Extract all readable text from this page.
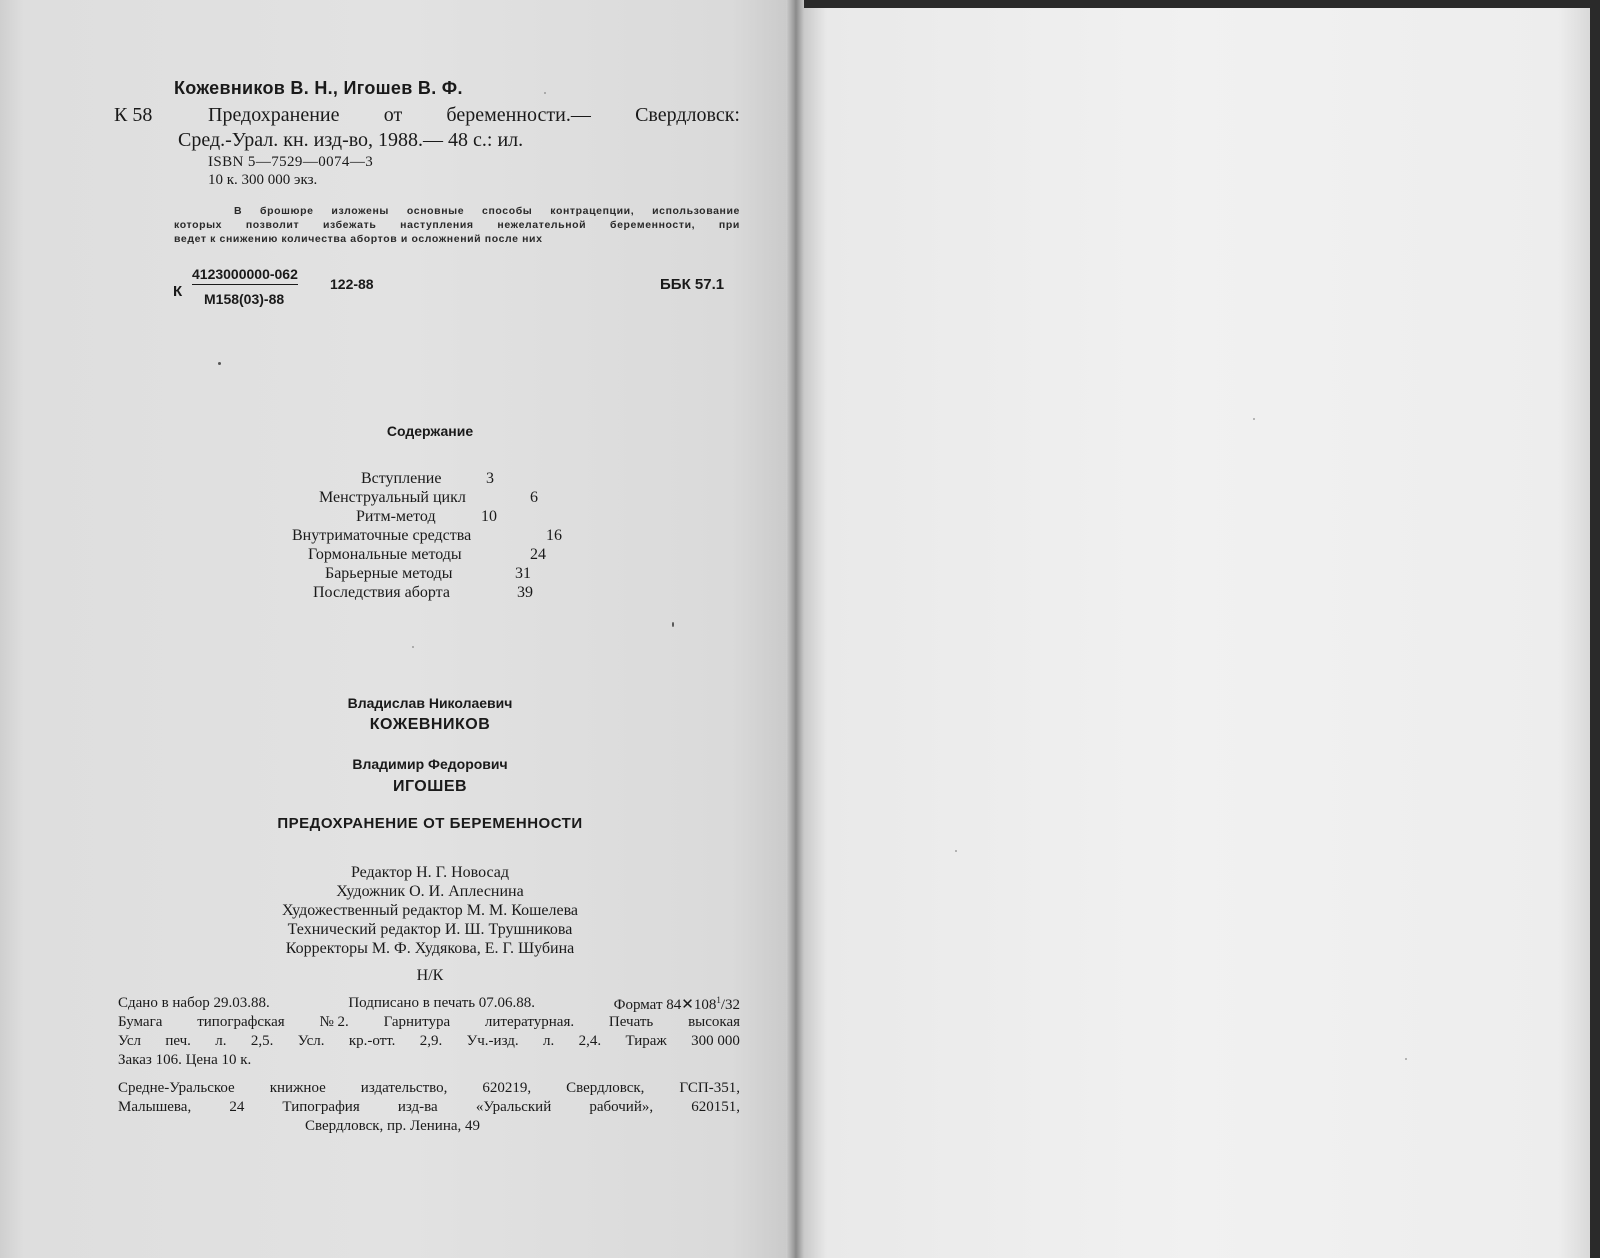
Кожевников В. Н., Игошев В. Ф.
К 58	Предохранение от беременности.— Свердловск:
Сред.-Урал. кн. изд-во, 1988.— 48 с.: ил.
ISBN 5—7529—0074—3
10 к. 300 000 экз.
В брошюре изложены основные способы контрацепции, использование
которых позволит избежать наступления нежелательной беременности, при
ведет к снижению количества абортов и осложнений после них
К
4123000000-062
М158(03)-88
122-88	ББК 57.1
Содержание
Вступление	3
Менструальный цикл	6
Ритм-метод	10
Внутриматочные средства	16
Гормональные методы	24
Барьерные методы	31
Последствия аборта	39
Владислав Николаевич
КОЖЕВНИКОВ
Владимир Федорович
ИГОШЕВ
ПРЕДОХРАНЕНИЕ ОТ БЕРЕМЕННОСТИ
Редактор Н. Г. Новосад
Художник О. И. Аплеснина
Художественный редактор М. М. Кошелева
Технический редактор И. Ш. Трушникова
Корректоры М. Ф. Худякова, Е. Г. Шубина
Н/К
Сдано в набор 29.03.88.	Подписано в печать 07.06.88.	Формат $84✕108^1/32$
Бумага типографская № 2. Гарнитура литературная. Печать высокая
Усл печ. л. 2,5. Усл. кр.-отт. 2,9. Уч.-изд. л. 2,4. Тираж 300 000
Заказ 106. Цена 10 к.
Средне-Уральское книжное издательство, 620219, Свердловск, ГСП-351,
Малышева,	24	Типография	изд-ва	«Уральский	рабочий»,	620151,
Свердловск, пр. Ленина, 49
